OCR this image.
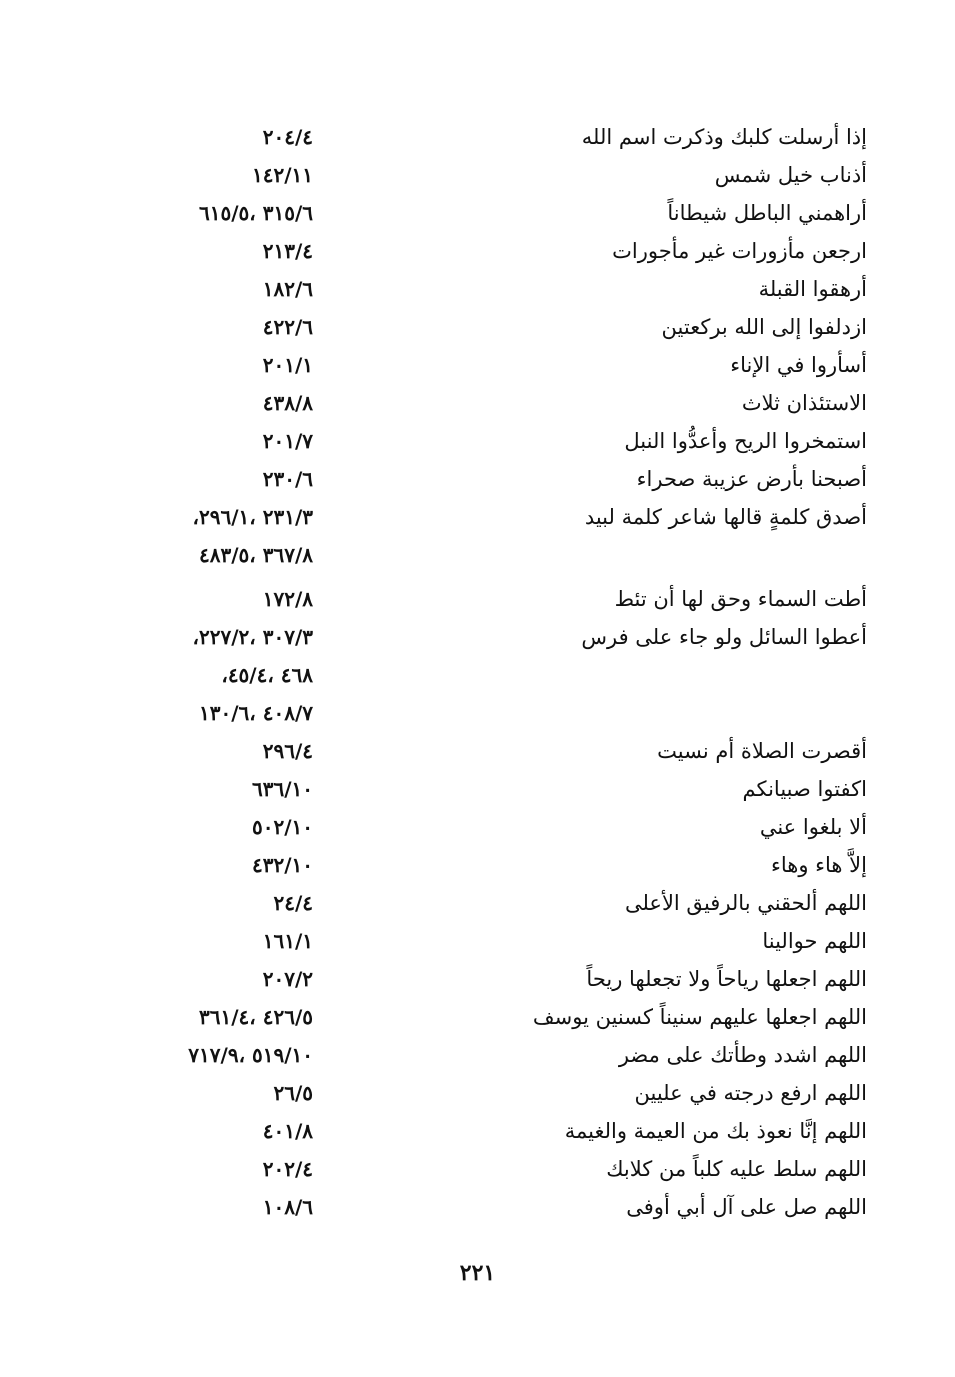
إذا أرسلت كلبك وذكرت اسم الله
٢٠٤/٤
أذناب خيل شمس
١٤٢/١١
أراهمني الباطل شيطاناً
٣١٥/٦ ،٦١٥/٥
ارجعن مأزورات غير مأجورات
٢١٣/٤
أرهقوا القبلة
١٨٢/٦
ازدلفوا إلى الله بركعتين
٤٢٢/٦
أسأروا في الإناء
٢٠١/١
الاستئذان ثلاث
٤٣٨/٨
استمخروا الريح وأعدُّوا النبل
٢٠١/٧
أصبحنا بأرض عزيبة صحراء
٢٣٠/٦
أصدق كلمةٍ قالها شاعر كلمة لبيد
٢٣١/٣ ،٢٩٦/١،
٣٦٧/٨ ،٤٨٣/٥
أطت السماء وحق لها أن تئط
١٧٢/٨
أعطوا السائل ولو جاء على فرس
٣٠٧/٣ ،٢٢٧/٢،
٤٦٨ ،٤٥/٤،
٤٠٨/٧ ،١٣٠/٦
أقصرت الصلاة أم نسيت
٢٩٦/٤
اكفتوا صبيانكم
٦٣٦/١٠
ألا بلغوا عني
٥٠٢/١٠
إلاَّ هاء وهاء
٤٣٢/١٠
اللهم ألحقني بالرفيق الأعلى
٢٤/٤
اللهم حوالينا
١٦١/١
اللهم اجعلها رياحاً ولا تجعلها ريحاً
٢٠٧/٢
اللهم اجعلها عليهم سنيناً كسنين يوسف
٤٢٦/٥ ،٣٦١/٤
اللهم اشدد وطأتك على مضر
٥١٩/١٠ ،٧١٧/٩
اللهم ارفع درجته في عليين
٢٦/٥
اللهم إنَّا نعوذ بك من العيمة والغيمة
٤٠١/٨
اللهم سلط عليه كلباً من كلابك
٢٠٢/٤
اللهم صل على آل أبي أوفى
١٠٨/٦
٢٢١
